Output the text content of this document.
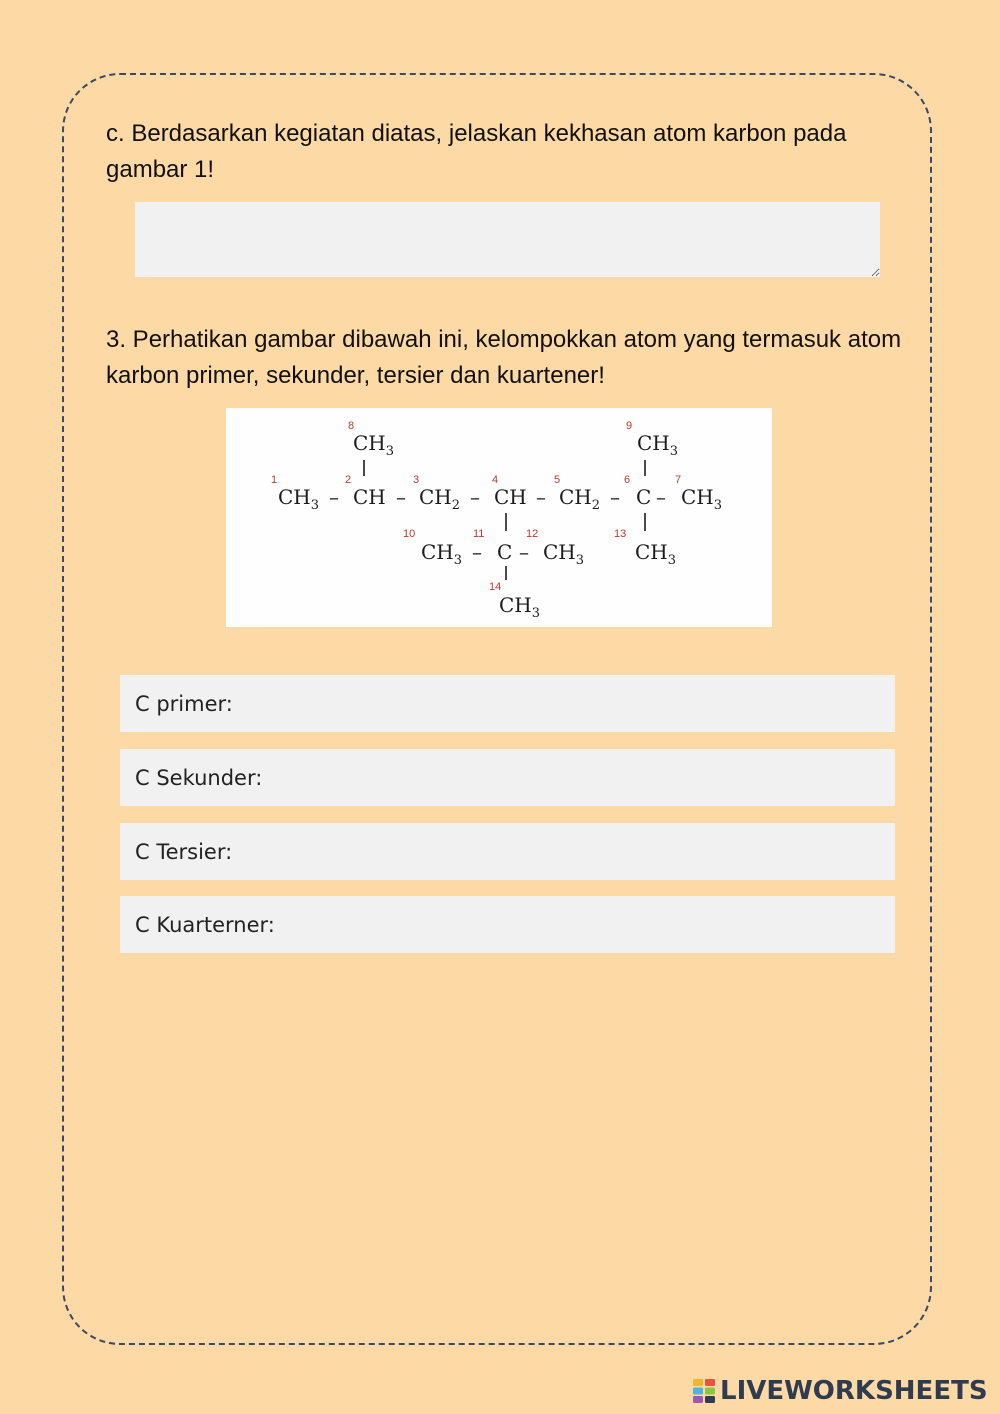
c. Berdasarkan kegiatan diatas, jelaskan kekhasan atom karbon pada gambar 1!

3. Perhatikan gambar dibawah ini, kelompokkan atom yang termasuk atom karbon primer, sekunder, tersier dan kuartener!

$CH_3$	$CH_3$
$CH_3$ – CH – $CH_2$ – CH – $CH_2$ – C – $CH_3$
$CH_3$ – C – $CH_3$	$CH_3$
$CH_3$
8	9
1	2	3	4	5	6	7
10	11	12	13
14
C primer:
C Sekunder:
C Tersier:
C Kuarterner:
LIVEWORKSHEETS
